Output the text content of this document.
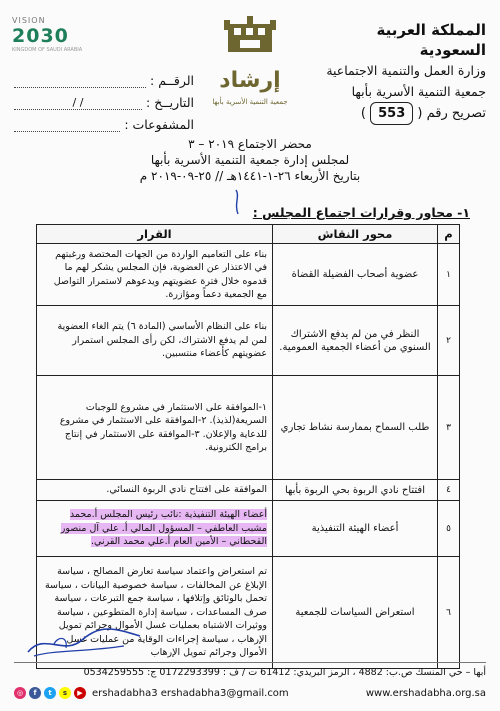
VISION
2030
KINGDOM OF SAUDI ARABIA
إرشاد
جمعية التنمية الأسرية بأبها
المملكة العربية السعودية
وزارة العمل والتنمية الاجتماعية
جمعية التنمية الأسرية بأبها
تصريح رقم ( 553 )
الرقــم :
التاريــخ :
/ /
المشفوعات :
محضر الاجتماع ٢٠١٩ – ٣
لمجلس إدارة جمعية التنمية الأسرية بأبها
بتاريخ الأربعاء ٢٦-١-١٤٤١هـ // ٢٥-٠٩-٢٠١٩ م
١- محاور وقرارات اجتماع المجلس :
م	محور النقاش	القرار
١	عضوية أصحاب الفضيلة القضاة	بناء على التعاميم الواردة من الجهات المختصة ورغبتهم في الاعتذار عن العضوية، فإن المجلس يشكر لهم ما قدموه خلال فترة عضويتهم ويدعوهم لاستمرار التواصل مع الجمعية دعماً ومؤازرة.
٢	النظر في من لم يدفع الاشتراك السنوي من أعضاء الجمعية العمومية.	بناء على النظام الأساسي (المادة ٦) يتم الغاء العضوية لمن لم يدفع الاشتراك، لكن رأى المجلس استمرار عضويتهم كأعضاء منتسبين.
٣	طلب السماح بممارسة نشاط تجاري	١-الموافقة على الاستثمار في مشروع للوجبات السريعة(لذيذ). ٢-الموافقة على الاستثمار في مشروع للدعاية والإعلان. ٣-الموافقة على الاستثمار في إنتاج برامج الكترونية.
٤	افتتاح نادي الربوة بحي الربوة بأبها	الموافقة على افتتاح نادي الربوة النسائي.
٥	أعضاء الهيئة التنفيذية	أعضاء الهيئة التنفيذية :نائب رئيس المجلس أ.محمد مشبب العاطفي – المسؤول المالي أ. علي آل منصور القحطاني – الأمين العام أ.علي محمد القرني.
٦	استعراض السياسات للجمعية	تم استعراض واعتماد سياسة تعارض المصالح ، سياسة الإبلاغ عن المخالفات ، سياسة خصوصية البيانات ، سياسة تحمل بالوثائق وإتلافها ، سياسة جمع التبرعات ، سياسة صرف المساعدات ، سياسة إدارة المتطوعين ، سياسة ووثيرات الاشتباه بعمليات غسل الأموال وجرائم تمويل الإرهاب ، سياسة إجراءات الوقاية من عمليات غسل الأموال وجرائم تمويل الإرهاب
أبها – حي المنسك ص.ب: 4882 ، الرمز البريدي: 61412 ت / ف : 0172293399 ج: 0534259555
◎	f	t	s	▶ ershadabha3 ershadabha3@gmail.com	www.ershadabha.org.sa
